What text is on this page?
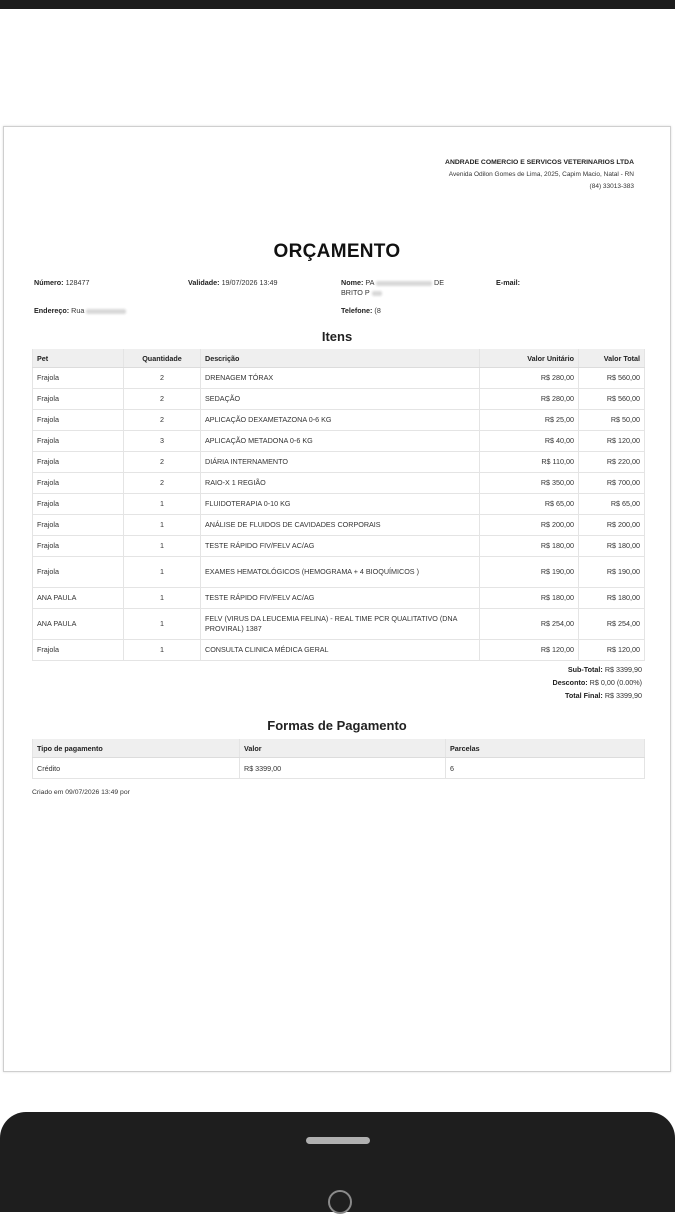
ANDRADE COMERCIO E SERVICOS VETERINARIOS LTDA
Avenida Odilon Gomes de Lima, 2025, Capim Macio, Natal - RN
(84) 33013-383
ORÇAMENTO
Número: 128477	Validade: 19/07/2026 13:49	Nome: PA	DE
BRITO P
E-mail:
Endereço: Rua	Telefone: (8
Itens
Pet	Quantidade	Descrição	Valor Unitário	Valor Total
Frajola	2	DRENAGEM TÓRAX	R$ 280,00	R$ 560,00
Frajola	2	SEDAÇÃO	R$ 280,00	R$ 560,00
Frajola	2	APLICAÇÃO DEXAMETAZONA 0-6 KG	R$ 25,00	R$ 50,00
Frajola	3	APLICAÇÃO METADONA 0-6 KG	R$ 40,00	R$ 120,00
Frajola	2	DIÁRIA INTERNAMENTO	R$ 110,00	R$ 220,00
Frajola	2	RAIO-X 1 REGIÃO	R$ 350,00	R$ 700,00
Frajola	1	FLUIDOTERAPIA 0-10 KG	R$ 65,00	R$ 65,00
Frajola	1	ANÁLISE DE FLUIDOS DE CAVIDADES CORPORAIS	R$ 200,00	R$ 200,00
Frajola	1	TESTE RÁPIDO FIV/FELV AC/AG	R$ 180,00	R$ 180,00
Frajola	1	EXAMES HEMATOLÓGICOS (HEMOGRAMA + 4 BIOQUÍMICOS )	R$ 190,00	R$ 190,00
ANA PAULA	1	TESTE RÁPIDO FIV/FELV AC/AG	R$ 180,00	R$ 180,00
ANA PAULA	1	FELV (VIRUS DA LEUCEMIA FELINA) - REAL TIME PCR QUALITATIVO (DNA PROVIRAL) 1387	R$ 254,00	R$ 254,00
Frajola	1	CONSULTA CLINICA MÉDICA GERAL	R$ 120,00	R$ 120,00
Sub-Total: R$ 3399,90
Desconto: R$ 0,00 (0.00%)
Total Final: R$ 3399,90
Formas de Pagamento
Tipo de pagamento	Valor	Parcelas
Crédito	R$ 3399,00	6
Criado em 09/07/2026 13:49 por
